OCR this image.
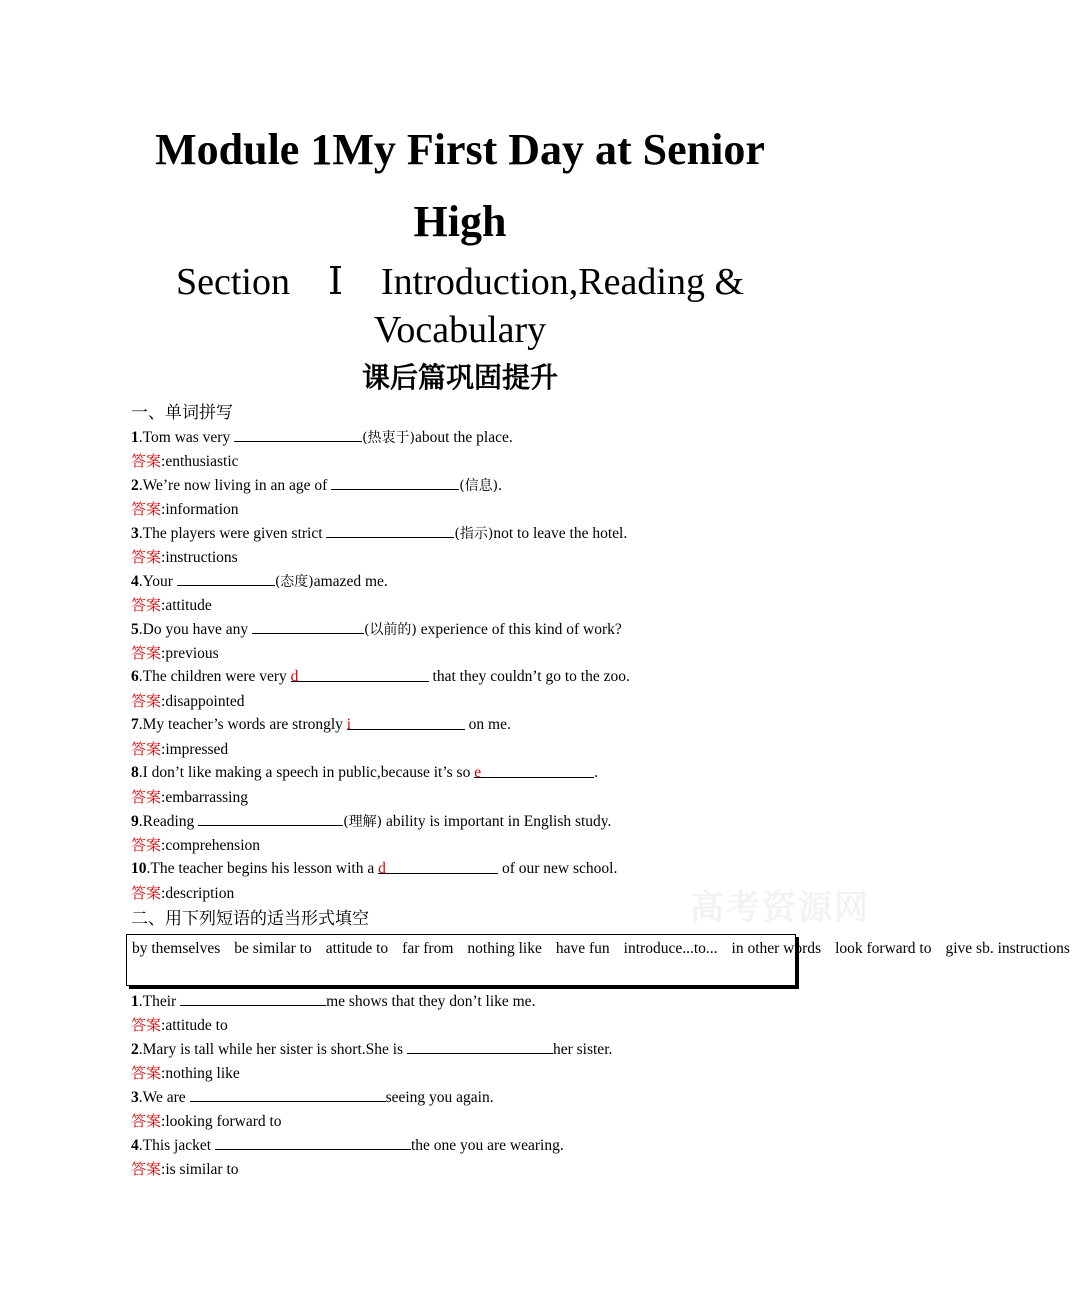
Module 1My First Day at Senior
High
Section　Ⅰ　Introduction,Reading &
Vocabulary
课后篇巩固提升
一、单词拼写
1.Tom was very	(热衷于)about the place.
答案:enthusiastic
2.We’re now living in an age of	(信息).
答案:information
3.The players were given strict	(指示)not to leave the hotel.
答案:instructions
4.Your	(态度)amazed me.
答案:attitude
5.Do you have any	(以前的) experience of this kind of work?
答案:previous
6.The children were very d	that they couldn’t go to the zoo.
答案:disappointed
7.My teacher’s words are strongly i	on me.
答案:impressed
8.I don’t like making a speech in public,because it’s so e	.
答案:embarrassing
9.Reading	(理解) ability is important in English study.
答案:comprehension
10.The teacher begins his lesson with a d	of our new school.
答案:description	高考资源网
二、用下列短语的适当形式填空
by themselves be similar to attitude to far from nothing like have fun introduce...to... in other words look forward to give sb. instructions
1.Their	me shows that they don’t like me.
答案:attitude to
2.Mary is tall while her sister is short.She is	her sister.
答案:nothing like
3.We are	seeing you again.
答案:looking forward to
4.This jacket	the one you are wearing.
答案:is similar to
